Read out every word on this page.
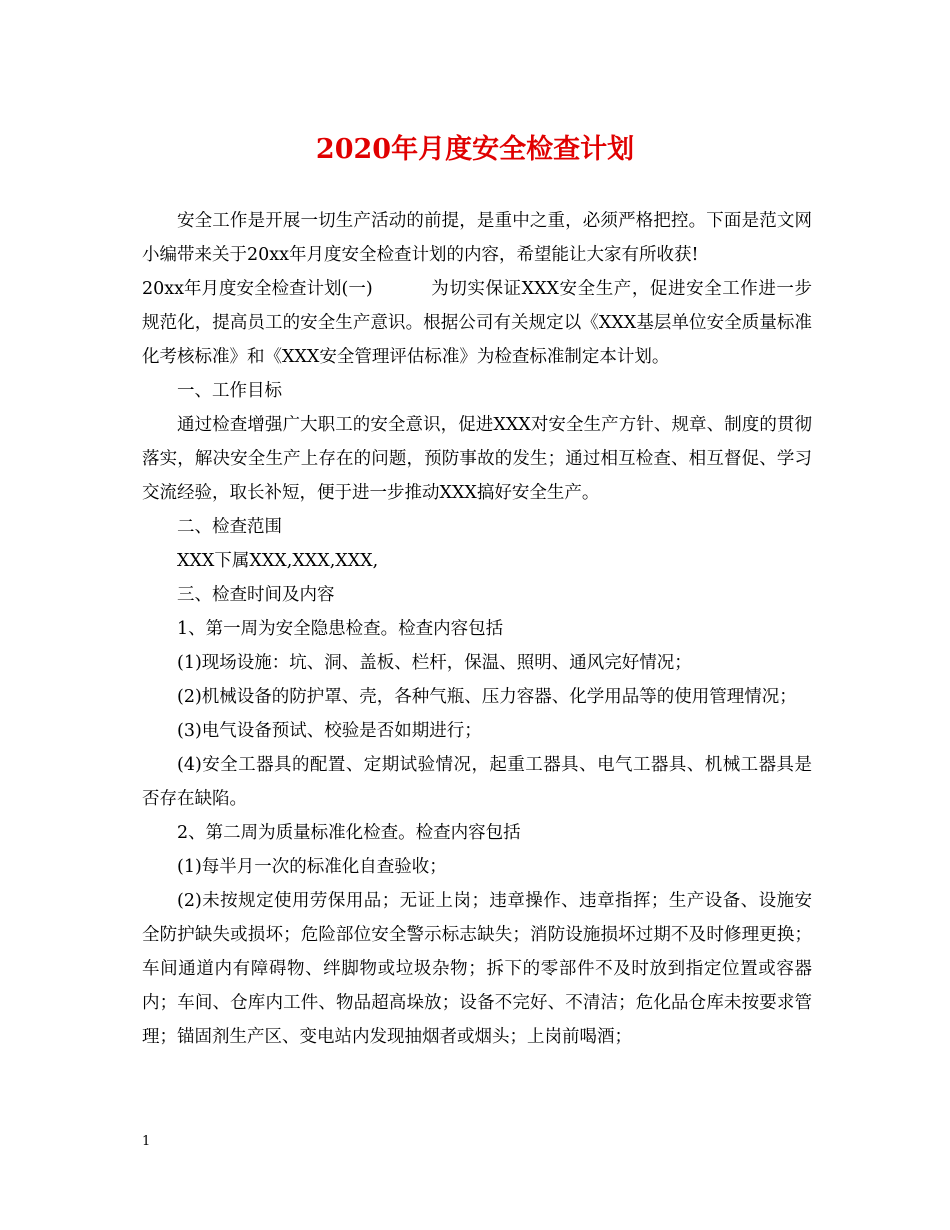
2020年月度安全检查计划

安全工作是开展一切生产活动的前提，是重中之重，必须严格把控。下面是范文网小编带来关于20xx年月度安全检查计划的内容，希望能让大家有所收获!

20xx年月度安全检查计划(一)	为切实保证XXX安全生产，促进安全工作进一步规范化，提高员工的安全生产意识。根据公司有关规定以《XXX基层单位安全质量标准化考核标准》和《XXX安全管理评估标准》为检查标准制定本计划。

一、工作目标

通过检查增强广大职工的安全意识，促进XXX对安全生产方针、规章、制度的贯彻落实，解决安全生产上存在的问题，预防事故的发生；通过相互检查、相互督促、学习交流经验，取长补短，便于进一步推动XXX搞好安全生产。

二、检查范围

XXX下属XXX,XXX,XXX,

三、检查时间及内容

1、第一周为安全隐患检查。检查内容包括

(1)现场设施：坑、洞、盖板、栏杆，保温、照明、通风完好情况；

(2)机械设备的防护罩、壳，各种气瓶、压力容器、化学用品等的使用管理情况；

(3)电气设备预试、校验是否如期进行；

(4)安全工器具的配置、定期试验情况，起重工器具、电气工器具、机械工器具是否存在缺陷。

2、第二周为质量标准化检查。检查内容包括

(1)每半月一次的标准化自查验收；

(2)未按规定使用劳保用品；无证上岗；违章操作、违章指挥；生产设备、设施安全防护缺失或损坏；危险部位安全警示标志缺失；消防设施损坏过期不及时修理更换；车间通道内有障碍物、绊脚物或垃圾杂物；拆下的零部件不及时放到指定位置或容器内；车间、仓库内工件、物品超高垛放；设备不完好、不清洁；危化品仓库未按要求管理；锚固剂生产区、变电站内发现抽烟者或烟头；上岗前喝酒；

1
